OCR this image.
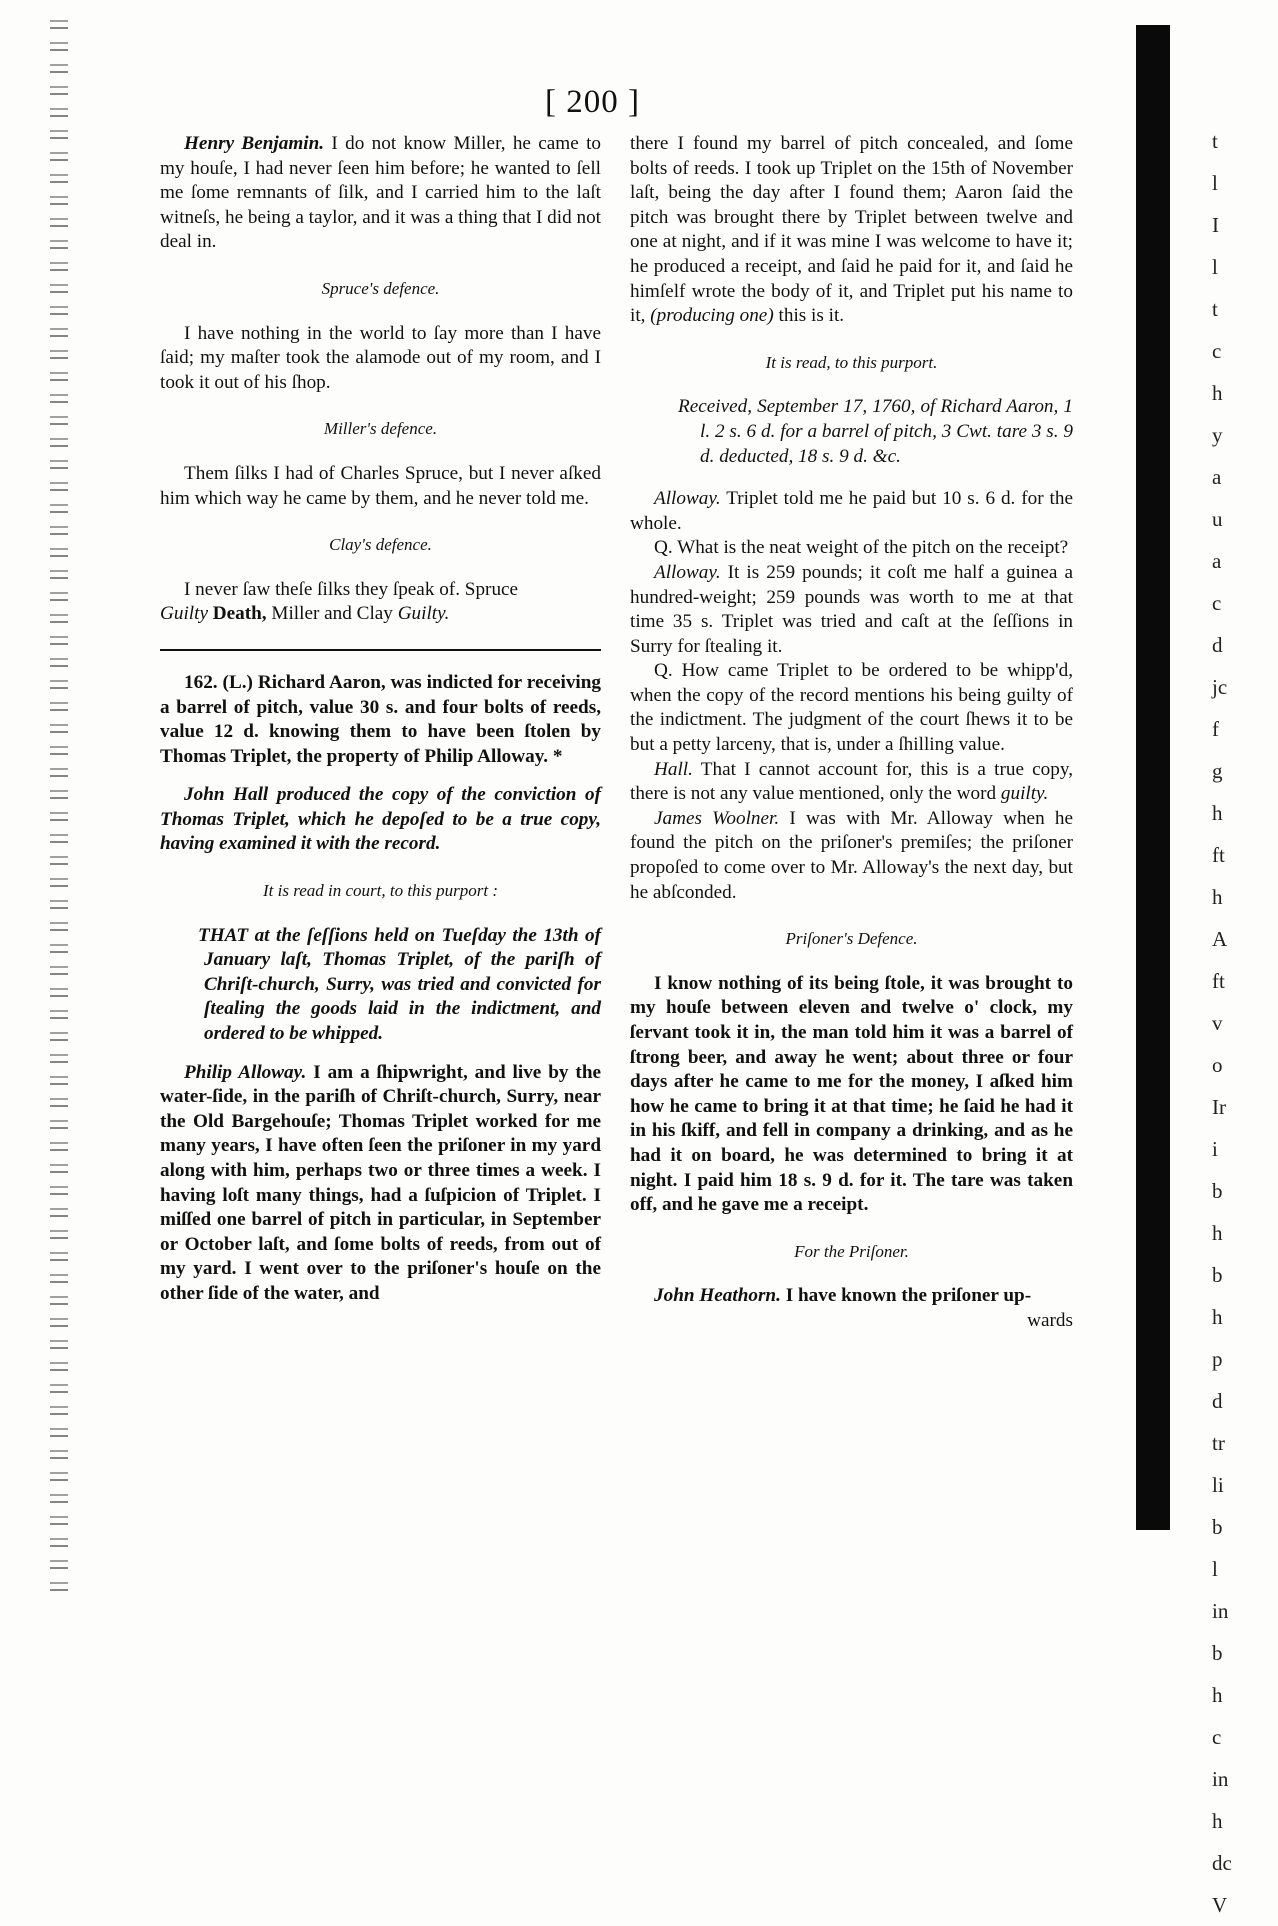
t
l
I
l
t
c
h
y
a
u
a
c
d
jc
f
g
h
ft
h
A
ft
v
o
Ir
i
b
h
b
h
p
d
tr
li
b
l
in
b
h
c
in
h
dc
V
[ 200 ]

Henry Benjamin. I do not know Miller, he came to my houſe, I had never ſeen him before; he wanted to ſell me ſome remnants of ſilk, and I carried him to the laſt witneſs, he being a taylor, and it was a thing that I did not deal in.

Spruce's defence.

I have nothing in the world to ſay more than I have ſaid; my maſter took the alamode out of my room, and I took it out of his ſhop.

Miller's defence.

Them ſilks I had of Charles Spruce, but I never aſked him which way he came by them, and he never told me.

Clay's defence.

I never ſaw theſe ſilks they ſpeak of. Spruce
Guilty Death, Miller and Clay Guilty.

162. (L.) Richard Aaron, was indicted for receiving a barrel of pitch, value 30 s. and four bolts of reeds, value 12 d. knowing them to have been ſtolen by Thomas Triplet, the property of Philip Alloway. *

John Hall produced the copy of the conviction of Thomas Triplet, which he depoſed to be a true copy, having examined it with the record.

It is read in court, to this purport :

THAT at the ſeſſions held on Tueſday the 13th of January laſt, Thomas Triplet, of the pariſh of Chriſt-church, Surry, was tried and convicted for ſtealing the goods laid in the indictment, and ordered to be whipped.

Philip Alloway. I am a ſhipwright, and live by the water-ſide, in the pariſh of Chriſt-church, Surry, near the Old Bargehouſe; Thomas Triplet worked for me many years, I have often ſeen the priſoner in my yard along with him, perhaps two or three times a week. I having loſt many things, had a ſuſpicion of Triplet. I miſſed one barrel of pitch in particular, in September or October laſt, and ſome bolts of reeds, from out of my yard. I went over to the priſoner's houſe on the other ſide of the water, and

there I found my barrel of pitch concealed, and ſome bolts of reeds. I took up Triplet on the 15th of November laſt, being the day after I found them; Aaron ſaid the pitch was brought there by Triplet between twelve and one at night, and if it was mine I was welcome to have it; he produced a receipt, and ſaid he paid for it, and ſaid he himſelf wrote the body of it, and Triplet put his name to it, (producing one) this is it.

It is read, to this purport.

Received, September 17, 1760, of Richard Aaron, 1 l. 2 s. 6 d. for a barrel of pitch, 3 Cwt. tare 3 s. 9 d. deducted, 18 s. 9 d. &c.

Alloway. Triplet told me he paid but 10 s. 6 d. for the whole.

Q. What is the neat weight of the pitch on the receipt?

Alloway. It is 259 pounds; it coſt me half a guinea a hundred-weight; 259 pounds was worth to me at that time 35 s. Triplet was tried and caſt at the ſeſſions in Surry for ſtealing it.

Q. How came Triplet to be ordered to be whipp'd, when the copy of the record mentions his being guilty of the indictment. The judgment of the court ſhews it to be but a petty larceny, that is, under a ſhilling value.

Hall. That I cannot account for, this is a true copy, there is not any value mentioned, only the word guilty.

James Woolner. I was with Mr. Alloway when he found the pitch on the priſoner's premiſes; the priſoner propoſed to come over to Mr. Alloway's the next day, but he abſconded.

Priſoner's Defence.

I know nothing of its being ſtole, it was brought to my houſe between eleven and twelve o' clock, my ſervant took it in, the man told him it was a barrel of ſtrong beer, and away he went; about three or four days after he came to me for the money, I aſked him how he came to bring it at that time; he ſaid he had it in his ſkiff, and fell in company a drinking, and as he had it on board, he was determined to bring it at night. I paid him 18 s. 9 d. for it. The tare was taken off, and he gave me a receipt.

For the Priſoner.

John Heathorn. I have known the priſoner up-

wards
